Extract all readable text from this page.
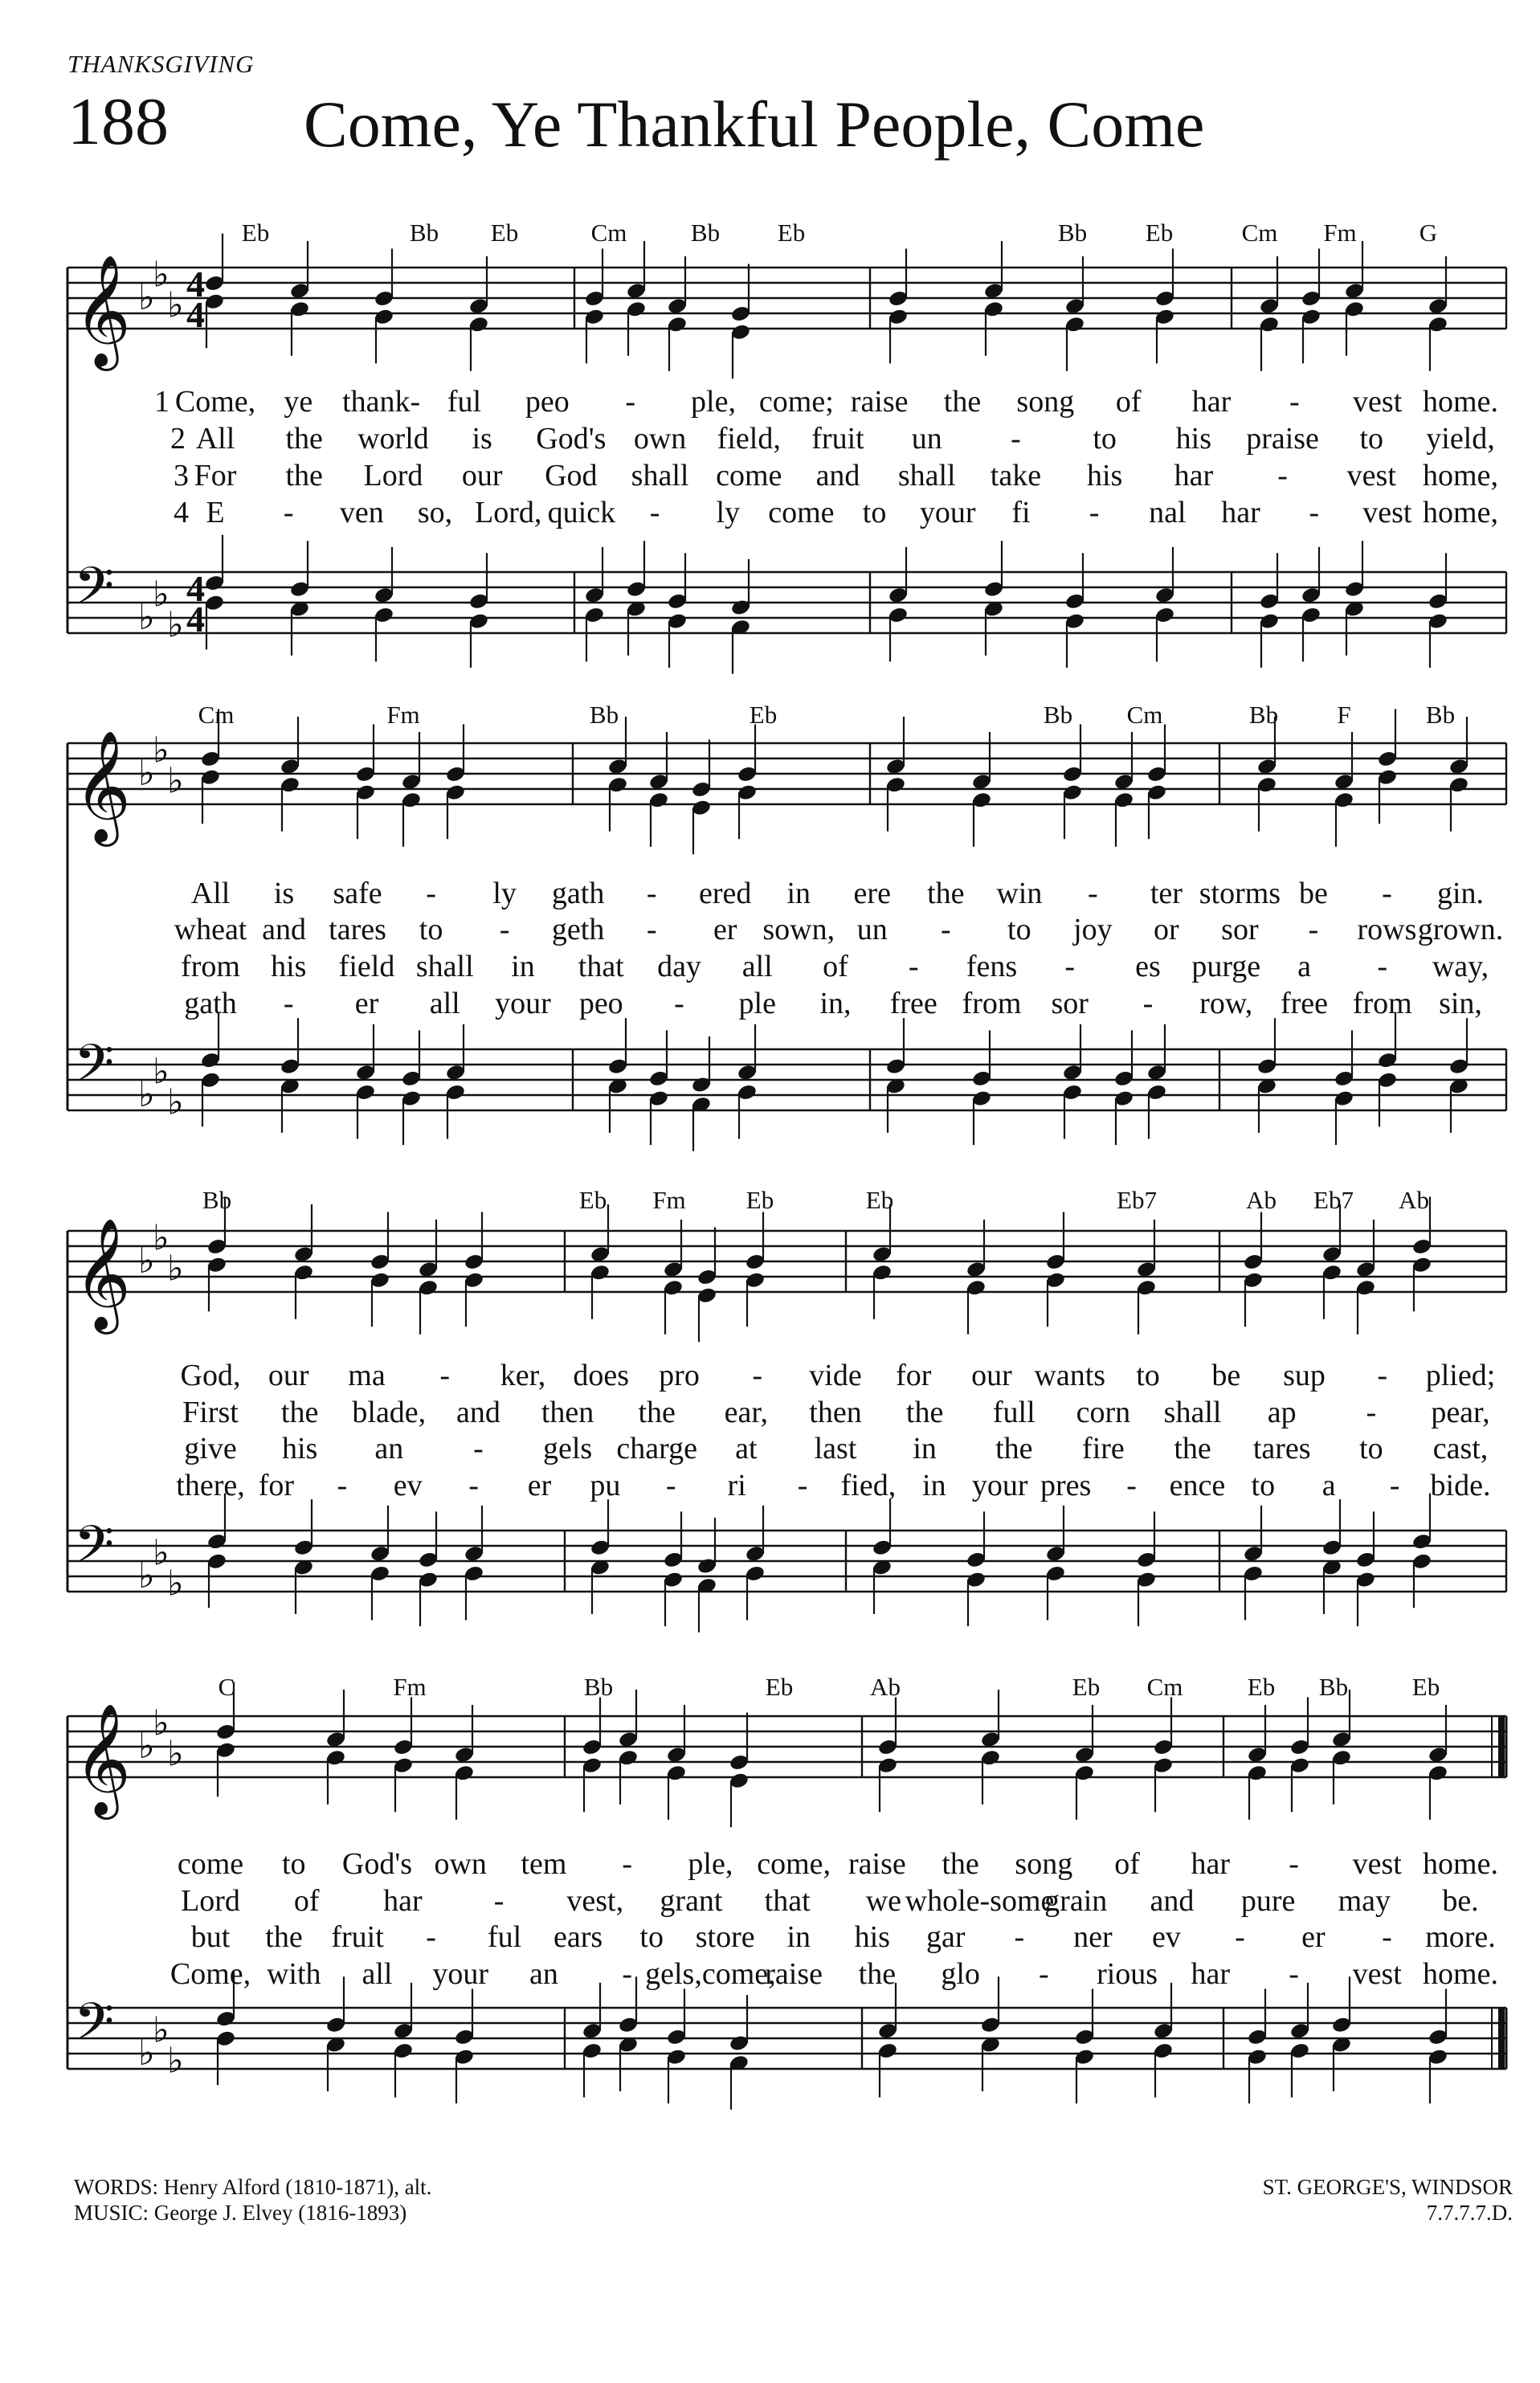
THANKSGIVING
188 Come, Ye Thankful People, Come
𝄞 ♭
♭
♭
4
4
𝄢 ♭
♭
♭
4
4
𝄞 ♭
♭
♭
𝄢 ♭
♭
♭
𝄞 ♭
♭
♭
𝄢 ♭
♭
♭
𝄞 ♭
♭
♭
𝄢 ♭
♭
♭
Eb	Bb Eb	Cm	Bb Eb	Bb Eb	Cm Fm	G
1 Come, ye thank- ful peo - ple, come; raise the song of har - vest home.
2 All the world is God's own field, fruit un - to his praise to yield,
3 For the Lord our God shall come and shall take his har - vest home,
4 E - ven so, Lord, quick - ly come to your fi - nal har - vest home,
Cm	Fm	Bb	Eb	Bb Cm	Bb F	Bb
All is safe - ly gath - ered in ere the win - ter storms be - gin.
wheat and tares to - geth - er sown, un - to joy or sor - rows grown.
from his field shall in that day all of - fens - es purge a - way,
gath - er all your peo - ple in, free from sor - row, free from sin,
Bb	Eb Fm Eb	Eb	Eb7	Ab Eb7 Ab
God, our ma - ker, does pro - vide for our wants to be sup - plied;
First the blade, and then the ear, then the full corn shall ap - pear,
give his an - gels charge at last in the fire the tares to cast,
there, for - ev - er pu - ri - fied, in your pres - ence to a - bide.
C	Fm	Bb	Eb	Ab	Eb Cm	Eb Bb	Eb
come to God's own tem - ple, come, raise the song of har - vest home.
Lord of har - vest, grant that we whole-some
grain and pure may be.
but the fruit - ful ears to store in his gar - ner ev - er - more.
Come, with all your an - gels,come,
raise the glo - rious har - vest home.
WORDS: Henry Alford (1810-1871), alt.
MUSIC: George J. Elvey (1816-1893)
ST. GEORGE'S, WINDSOR
7.7.7.7.D.
